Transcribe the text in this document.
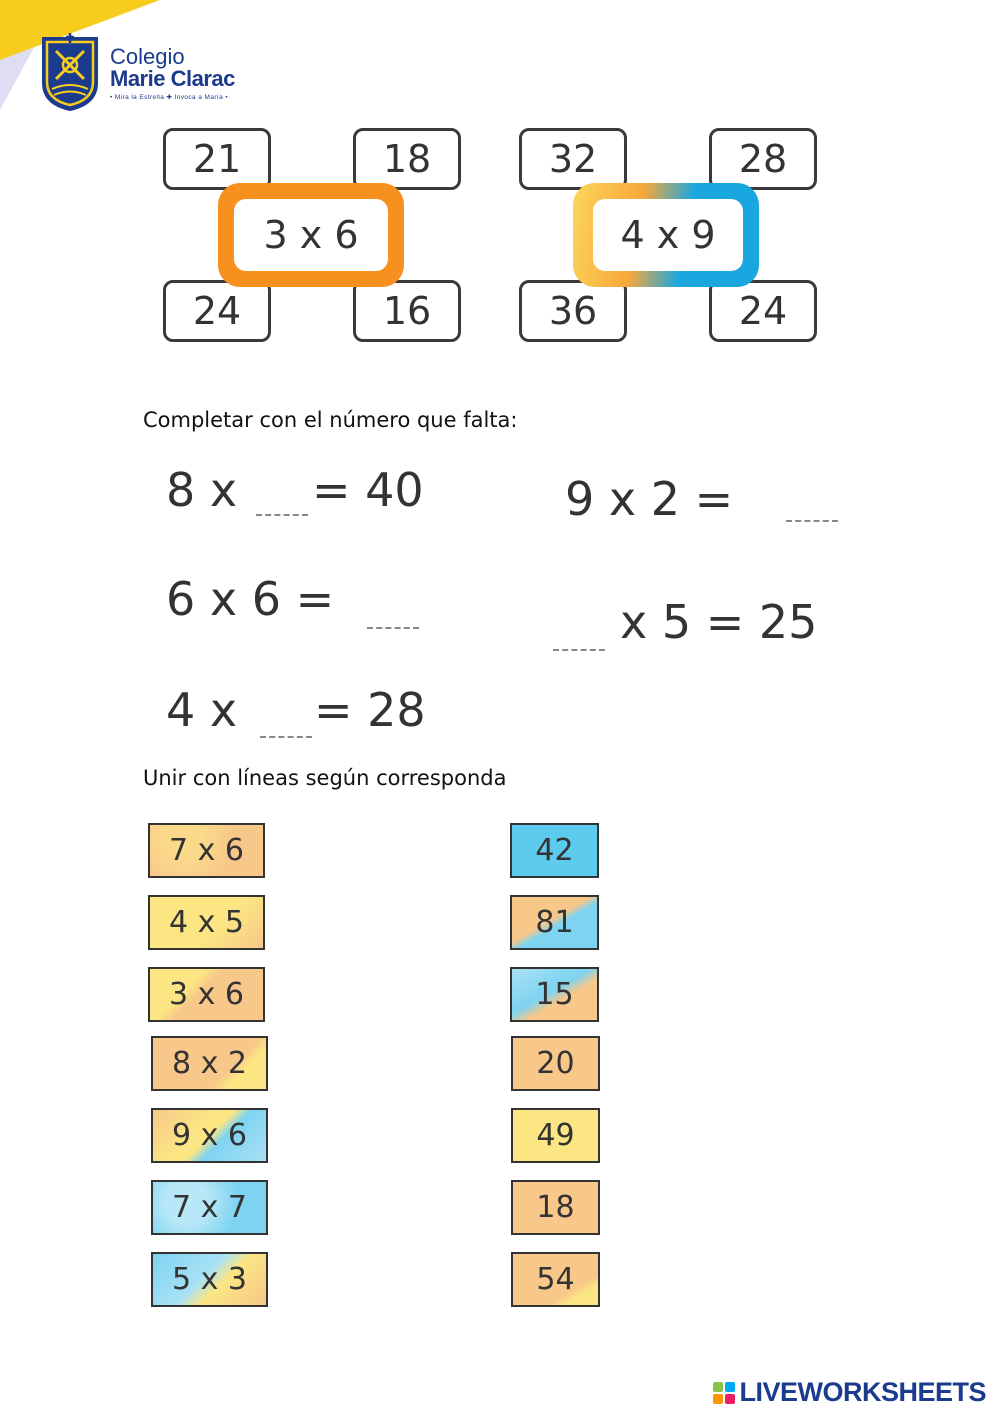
Colegio
Marie Clarac
• Mira la Estrella ✚ Invoca a María •
21	18
24	16
3 x 6
32	28
36	24
4 x 9
Completar con el número que falta:
8 x = 40
6 x 6 =
4 x = 28
9 x 2 =
x 5 = 25
Unir con líneas según corresponda
7 x 6
4 x 5
3 x 6
8 x 2
9 x 6
7 x 7
5 x 3
42
81
15
20
49
18
54
LIVEWORKSHEETS
